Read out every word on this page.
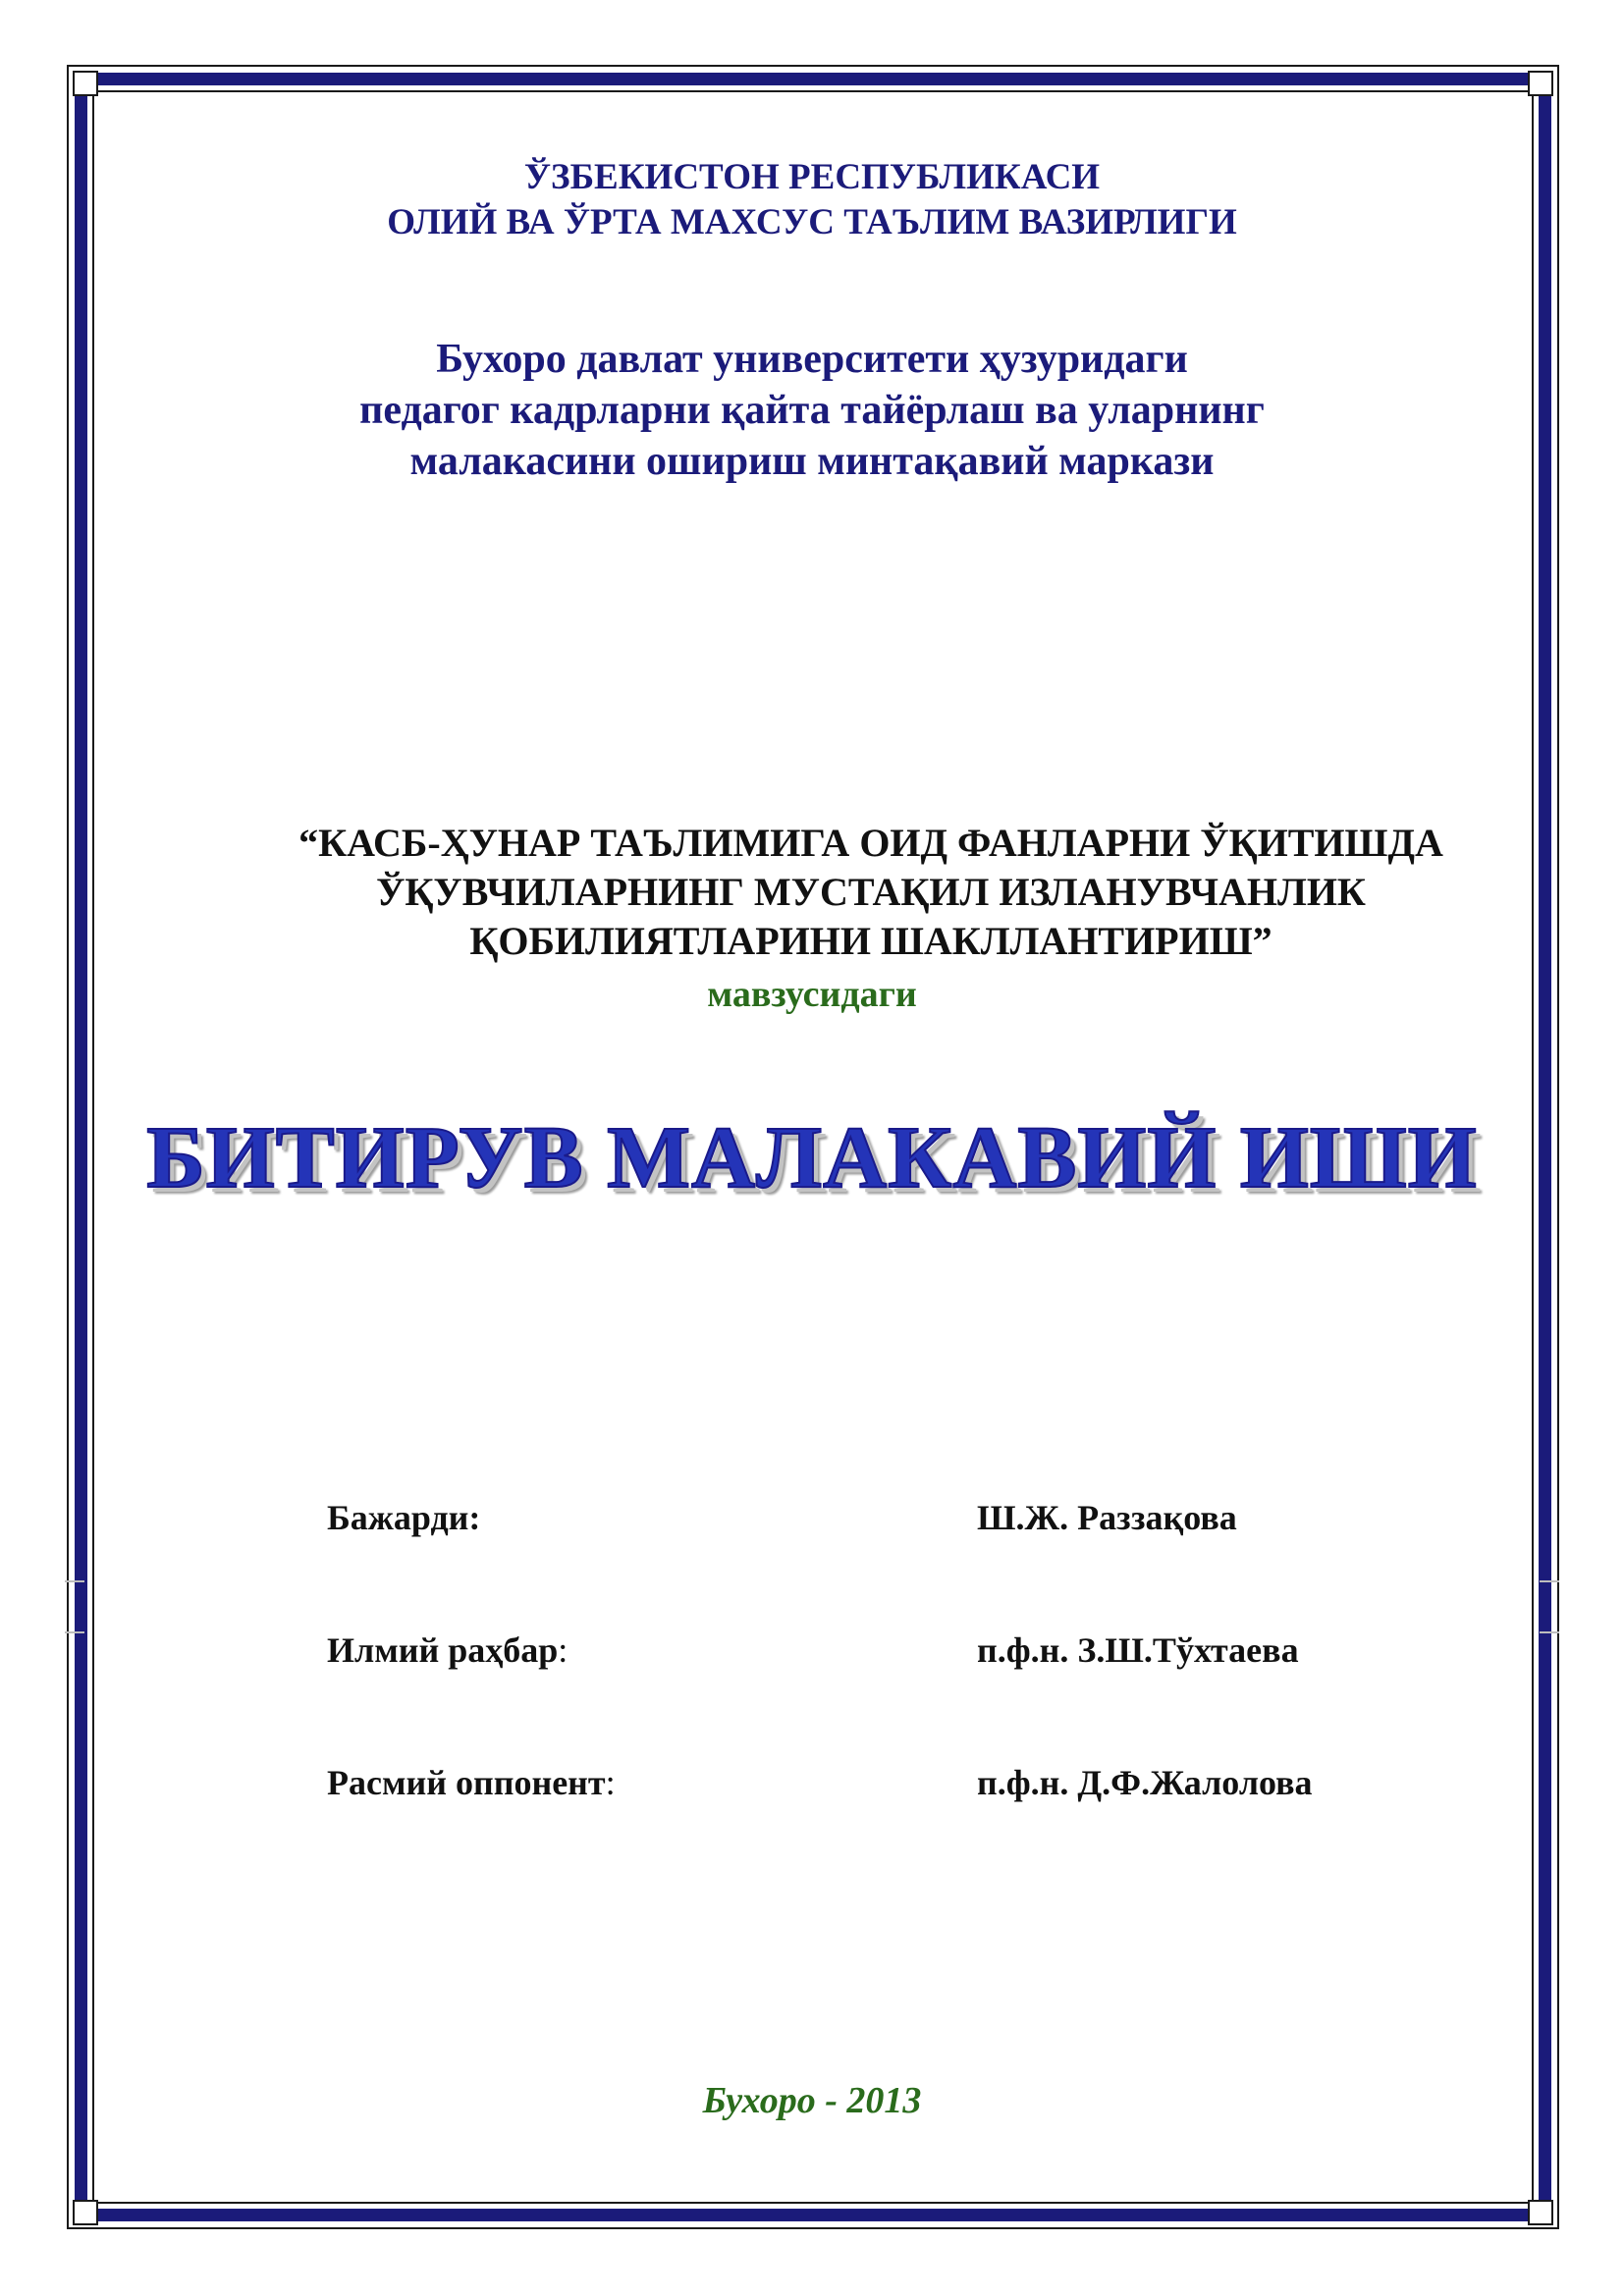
ЎЗБЕКИСТОН РЕСПУБЛИКАСИ
ОЛИЙ ВА ЎРТА МАХСУС ТАЪЛИМ ВАЗИРЛИГИ
Бухоро давлат университети ҳузуридаги
педагог кадрларни қайта тайёрлаш ва уларнинг
малакасини ошириш минтақавий маркази
“КАСБ-ҲУНАР ТАЪЛИМИГА ОИД ФАНЛАРНИ ЎҚИТИШДА
ЎҚУВЧИЛАРНИНГ МУСТАҚИЛ ИЗЛАНУВЧАНЛИК
ҚОБИЛИЯТЛАРИНИ ШАКЛЛАНТИРИШ”
мавзусидаги
БИТИРУВ МАЛАКАВИЙ ИШИ
Бажарди:	Ш.Ж. Раззақова
Илмий раҳбар:	п.ф.н. З.Ш.Тўхтаева
Расмий оппонент:	п.ф.н. Д.Ф.Жалолова
Бухоро - 2013
